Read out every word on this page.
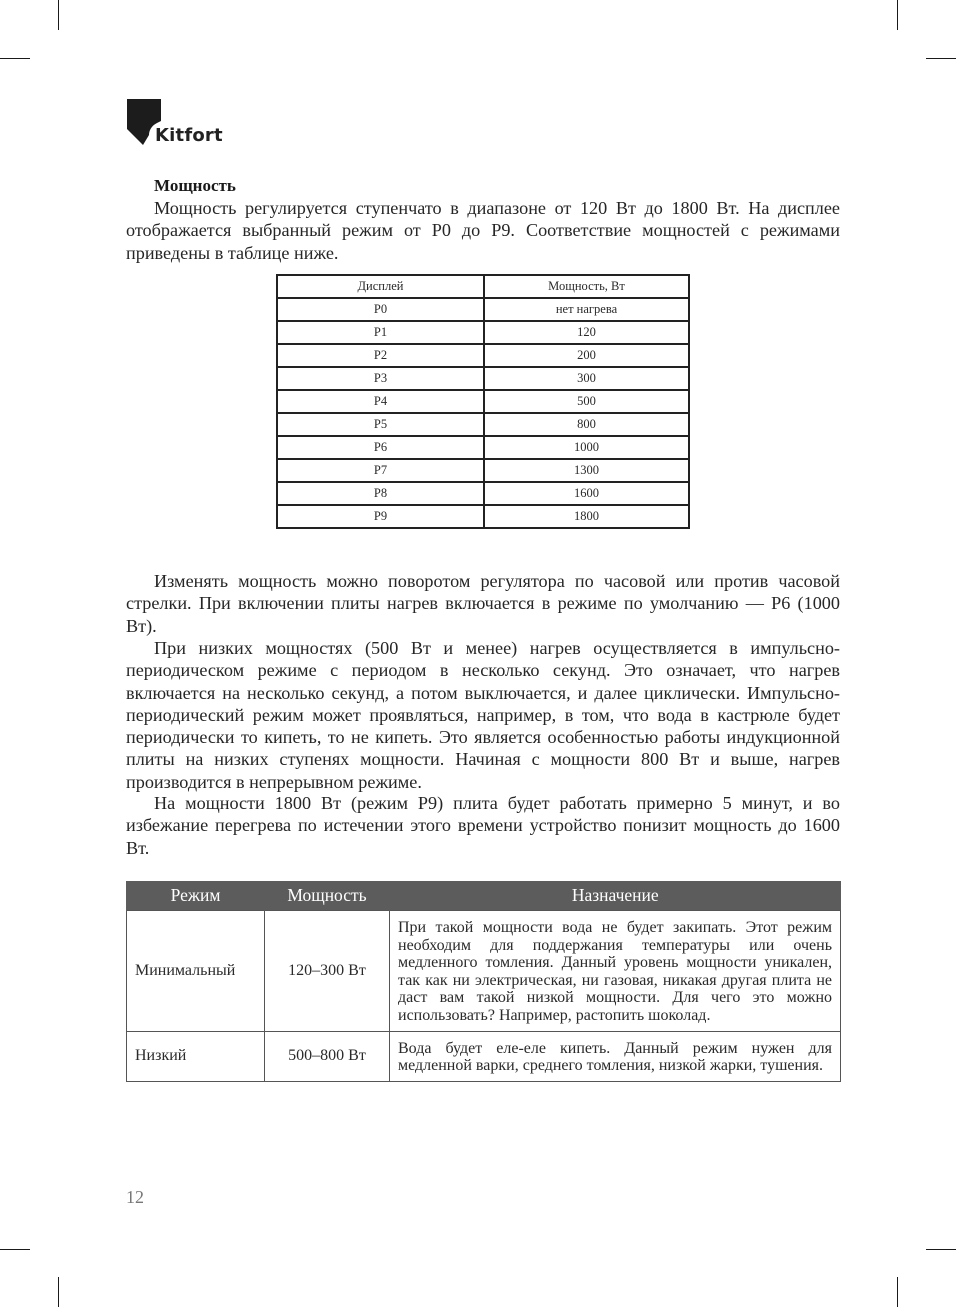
Kitfort
Мощность
Мощность регулируется ступенчато в диапазоне от 120 Вт до 1800 Вт. На дисплее отображается выбранный режим от P0 до P9. Соответствие мощностей с режимами приведены в таблице ниже.
Дисплей	Мощность, Вт
P0	нет нагрева
P1	120
P2	200
P3	300
P4	500
P5	800
P6	1000
P7	1300
P8	1600
P9	1800
Изменять мощность можно поворотом регулятора по часовой или против часовой стрелки. При включении плиты нагрев включается в режиме по умолчанию — P6 (1000 Вт).
При низких мощностях (500 Вт и менее) нагрев осуществляется в импульсно-периодическом режиме с периодом в несколько секунд. Это означает, что нагрев включается на несколько секунд, а потом выключается, и далее циклически. Импульсно-периодический режим может проявляться, например, в том, что вода в кастрюле будет периодически то кипеть, то не кипеть. Это является особенностью работы индукционной плиты на низких ступенях мощности. Начиная с мощности 800 Вт и выше, нагрев производится в непрерывном режиме.
На мощности 1800 Вт (режим P9) плита будет работать примерно 5 минут, и во избежание перегрева по истечении этого времени устройство понизит мощность до 1600 Вт.
Режим	Мощность	Назначение
Минимальный	120–300 Вт	При такой мощности вода не будет закипать. Этот режим необходим для поддержания температуры или очень медленного томления. Данный уровень мощности уникален, так как ни электрическая, ни газовая, никакая другая плита не даст вам такой низкой мощности. Для чего это можно использовать? Например, растопить шоколад.
Низкий	500–800 Вт	Вода будет еле-еле кипеть. Данный режим нужен для медленной варки, среднего томления, низкой жарки, тушения.
12
